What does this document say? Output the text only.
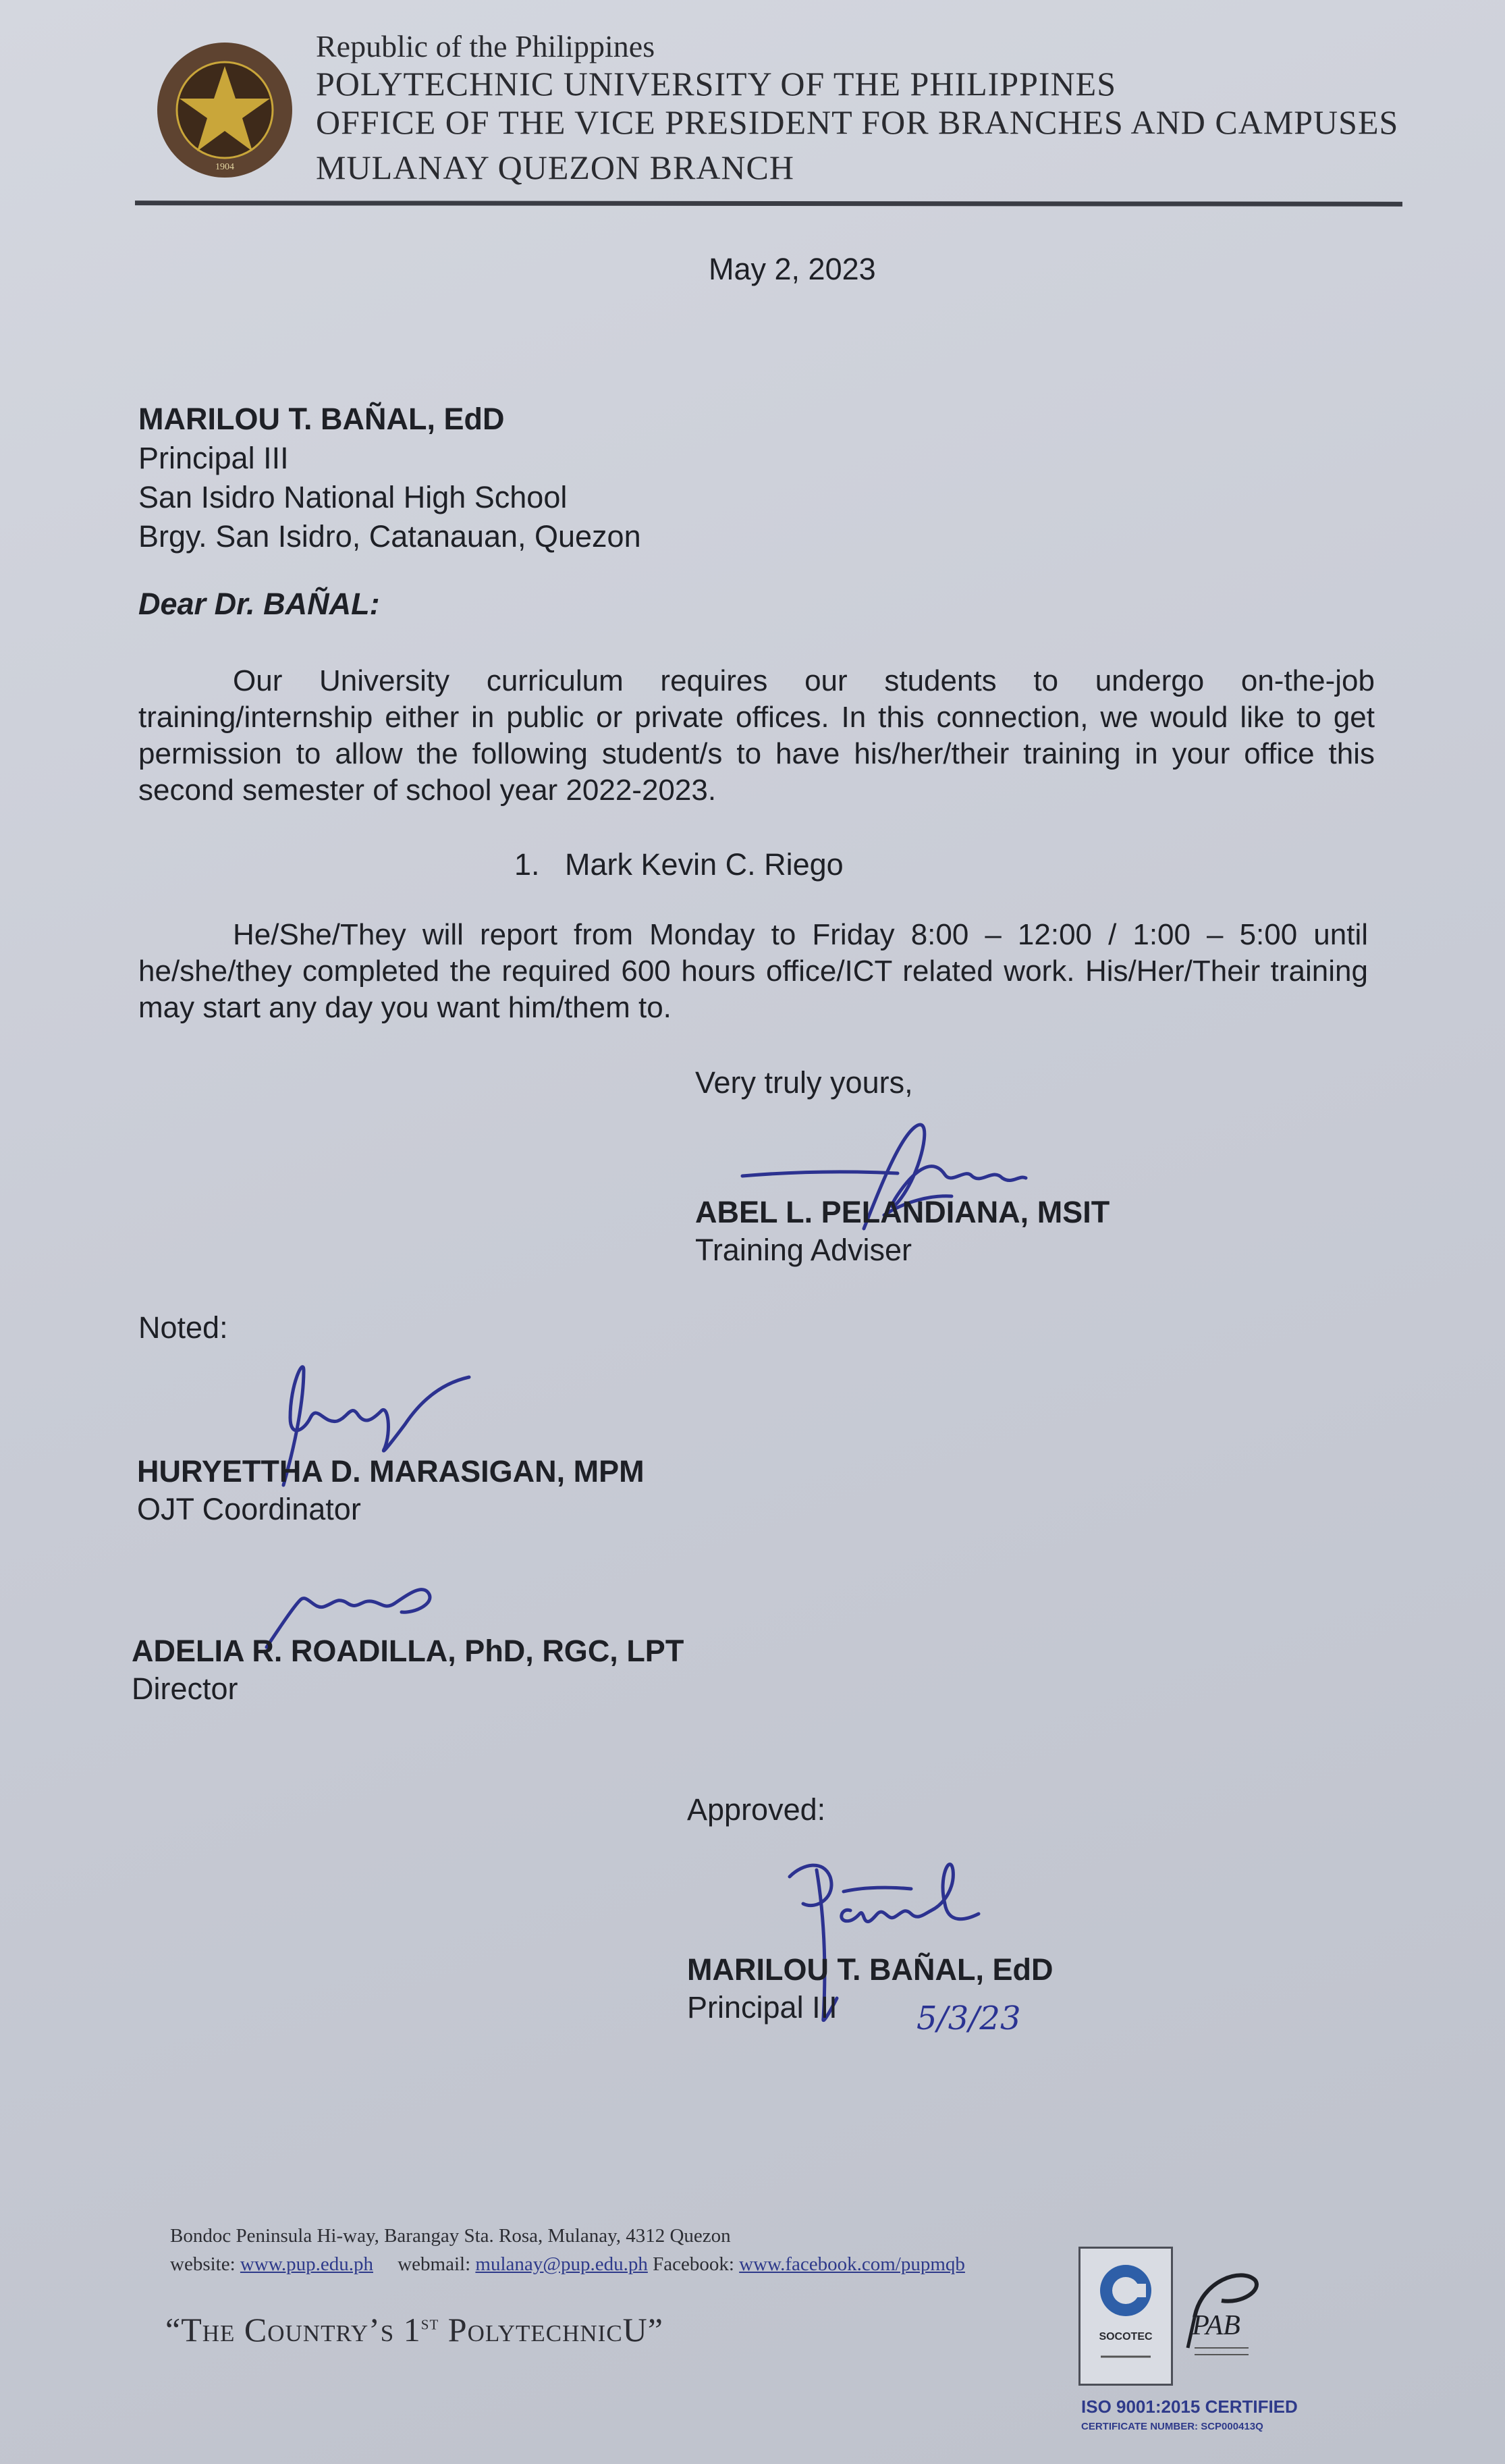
1904
Republic of the Philippines
POLYTECHNIC UNIVERSITY OF THE PHILIPPINES
OFFICE OF THE VICE PRESIDENT FOR BRANCHES AND CAMPUSES
MULANAY QUEZON BRANCH
May 2, 2023
MARILOU T. BAÑAL, EdD
Principal III
San Isidro National High School
Brgy. San Isidro, Catanauan, Quezon
Dear Dr. BAÑAL:
Our University curriculum requires our students to undergo on-the-job training/internship either in public or private offices. In this connection, we would like to get permission to allow the following student/s to have his/her/their training in your office this second semester of school year 2022-2023.
1. Mark Kevin C. Riego
He/She/They will report from Monday to Friday 8:00 – 12:00 / 1:00 – 5:00 until he/she/they completed the required 600 hours office/ICT related work. His/Her/Their training may start any day you want him/them to.
Very truly yours,
ABEL L. PELANDIANA, MSIT
Training Adviser
Noted:
HURYETTHA D. MARASIGAN, MPM
OJT Coordinator
ADELIA R. ROADILLA, PhD, RGC, LPT
Director
Approved:
MARILOU T. BAÑAL, EdD
Principal III	5/3/23
Bondoc Peninsula Hi-way, Barangay Sta. Rosa, Mulanay, 4312 Quezon
website: www.pup.edu.ph webmail: mulanay@pup.edu.ph Facebook: www.facebook.com/pupmqb
“The Country’s 1st PolytechnicU”	SOCOTEC PAB
ISO 9001:2015 CERTIFIED
CERTIFICATE NUMBER: SCP000413Q
